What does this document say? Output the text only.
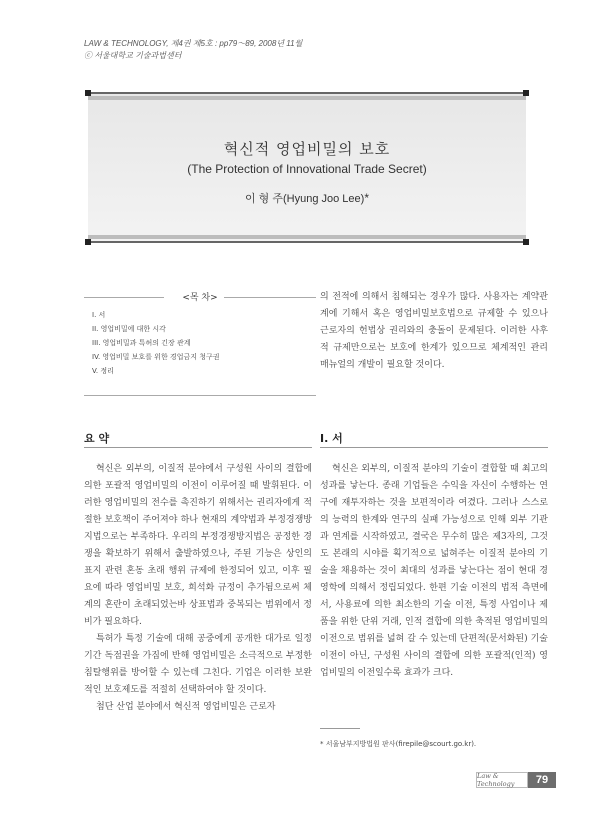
LAW & TECHNOLOGY, 제4권 제5호 : pp79～89, 2008년 11월
ⓒ 서울대학교 기술과법센터
혁신적 영업비밀의 보호
(The Protection of Innovational Trade Secret)
이 형 주(Hyung Joo Lee)*
<목 차>
I. 서
II. 영업비밀에 대한 시각
III. 영업비밀과 특허의 긴장 관계
IV. 영업비밀 보호를 위한 경업금지 청구권
V. 정리

의 전적에 의해서 침해되는 경우가 많다. 사용자는 계약관계에 기해서 혹은 영업비밀보호법으로 규제할 수 있으나 근로자의 헌법상 권리와의 충돌이 문제된다. 이러한 사후적 규제만으로는 보호에 한계가 있으므로 체계적인 관리 매뉴얼의 개발이 필요할 것이다.

요 약	I. 서

혁신은 외부의, 이질적 분야에서 구성원 사이의 결합에 의한 포괄적 영업비밀의 이전이 이루어질 때 발휘된다. 이러한 영업비밀의 전수를 촉진하기 위해서는 권리자에게 적절한 보호책이 주어져야 하나 현재의 계약법과 부정경쟁방지법으로는 부족하다. 우리의 부정경쟁방지법은 공정한 경쟁을 확보하기 위해서 출발하였으나, 주된 기능은 상인의 표지 관련 혼동 초래 행위 규제에 한정되어 있고, 이후 필요에 따라 영업비밀 보호, 희석화 규정이 추가됨으로써 체계의 혼란이 초래되었는바 상표법과 중복되는 범위에서 정비가 필요하다.

특허가 특정 기술에 대해 공중에게 공개한 대가로 일정 기간 독점권을 가짐에 반해 영업비밀은 소극적으로 부정한 침탈행위를 방어할 수 있는데 그친다. 기업은 이러한 보완적인 보호제도를 적절히 선택하여야 할 것이다.

첨단 산업 분야에서 혁신적 영업비밀은 근로자

혁신은 외부의, 이질적 분야의 기술이 결합할 때 최고의 성과를 낳는다. 종래 기업들은 수익을 자신이 수행하는 연구에 재투자하는 것을 보편적이라 여겼다. 그러나 스스로의 능력의 한계와 연구의 실패 가능성으로 인해 외부 기관과 연계를 시작하였고, 결국은 무수히 많은 제3자의, 그것도 본래의 시야를 획기적으로 넓혀주는 이질적 분야의 기술을 채용하는 것이 최대의 성과를 낳는다는 점이 현대 경영학에 의해서 정립되었다. 한편 기술 이전의 법적 측면에서, 사용료에 의한 최소한의 기술 이전, 특정 사업이나 제품을 위한 단위 거래, 인적 결합에 의한 축적된 영업비밀의 이전으로 범위를 넓혀 갈 수 있는데 단편적(문서화된) 기술 이전이 아닌, 구성원 사이의 결합에 의한 포괄적(인적) 영업비밀의 이전일수록 효과가 크다.

* 서울남부지방법원 판사(firepile@scourt.go.kr).
Law & Technology	79
